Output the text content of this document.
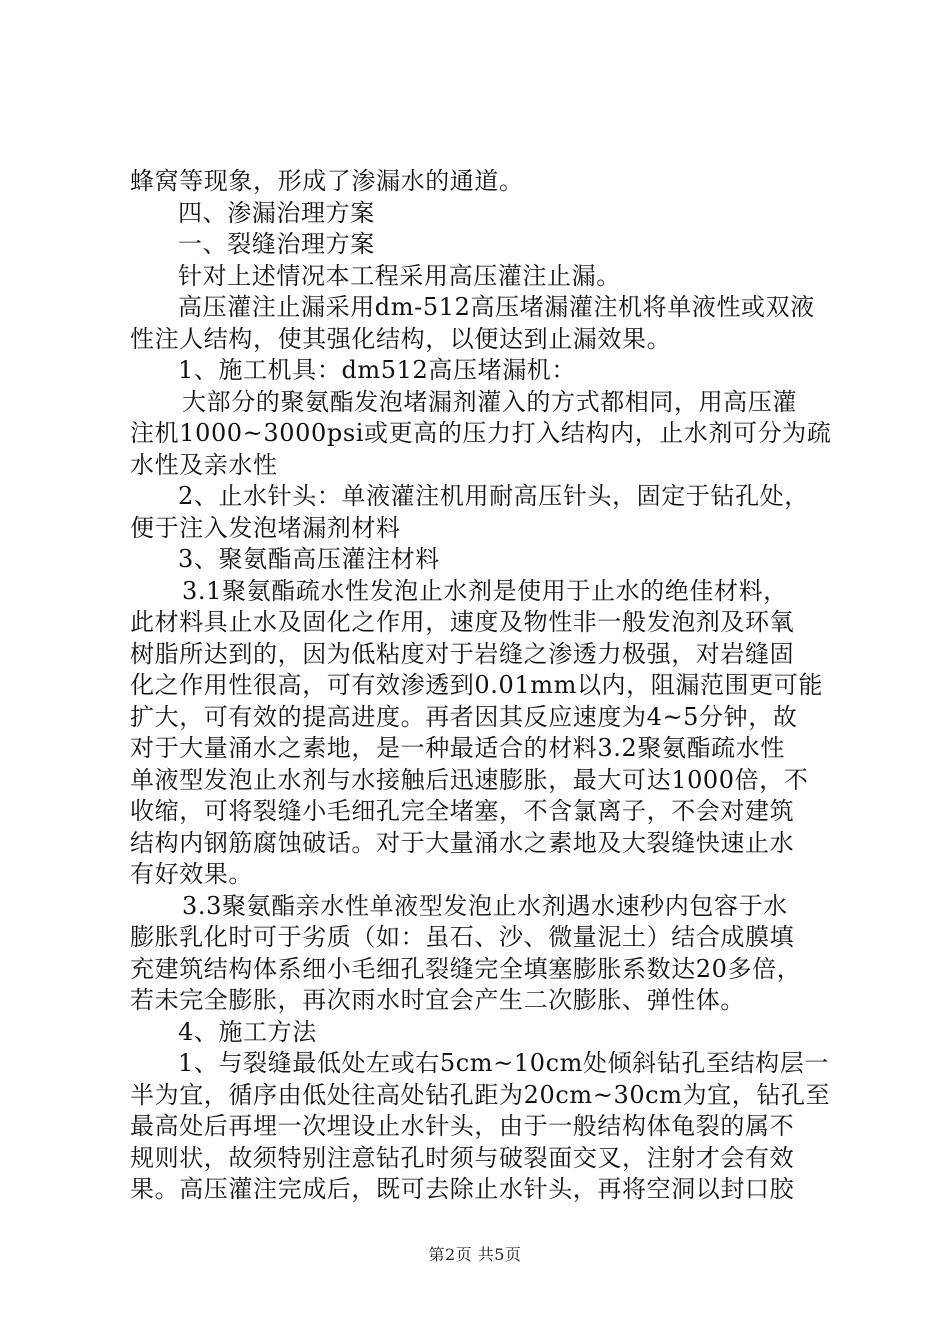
蜂窝等现象，形成了渗漏水的通道。
四、渗漏治理方案
一、裂缝治理方案
针对上述情况本工程采用高压灌注止漏。
高压灌注止漏采用dm-512高压堵漏灌注机将单液性或双液
性注人结构，使其强化结构，以便达到止漏效果。
1、施工机具：dm512高压堵漏机：
大部分的聚氨酯发泡堵漏剂灌入的方式都相同，用高压灌
注机1000~3000psi或更高的压力打入结构内，止水剂可分为疏
水性及亲水性
2、止水针头：单液灌注机用耐高压针头，固定于钻孔处，
便于注入发泡堵漏剂材料
3、聚氨酯高压灌注材料
3.1聚氨酯疏水性发泡止水剂是使用于止水的绝佳材料，
此材料具止水及固化之作用，速度及物性非一般发泡剂及环氧
树脂所达到的，因为低粘度对于岩缝之渗透力极强，对岩缝固
化之作用性很高，可有效渗透到0.01mm以内，阻漏范围更可能
扩大，可有效的提高进度。再者因其反应速度为4~5分钟，故
对于大量涌水之素地，是一种最适合的材料3.2聚氨酯疏水性
单液型发泡止水剂与水接触后迅速膨胀，最大可达1000倍，不
收缩，可将裂缝小毛细孔完全堵塞，不含氯离子，不会对建筑
结构内钢筋腐蚀破话。对于大量涌水之素地及大裂缝快速止水
有好效果。
3.3聚氨酯亲水性单液型发泡止水剂遇水速秒内包容于水
膨胀乳化时可于劣质（如：虽石、沙、微量泥土）结合成膜填
充建筑结构体系细小毛细孔裂缝完全填塞膨胀系数达20多倍，
若未完全膨胀，再次雨水时宜会产生二次膨胀、弹性体。
4、施工方法
1、与裂缝最低处左或右5cm~10cm处倾斜钻孔至结构层一
半为宜，循序由低处往高处钻孔距为20cm~30cm为宜，钻孔至
最高处后再埋一次埋设止水针头，由于一般结构体龟裂的属不
规则状，故须特别注意钻孔时须与破裂面交叉，注射才会有效
果。高压灌注完成后，既可去除止水针头，再将空洞以封口胶
第2页 共5页
